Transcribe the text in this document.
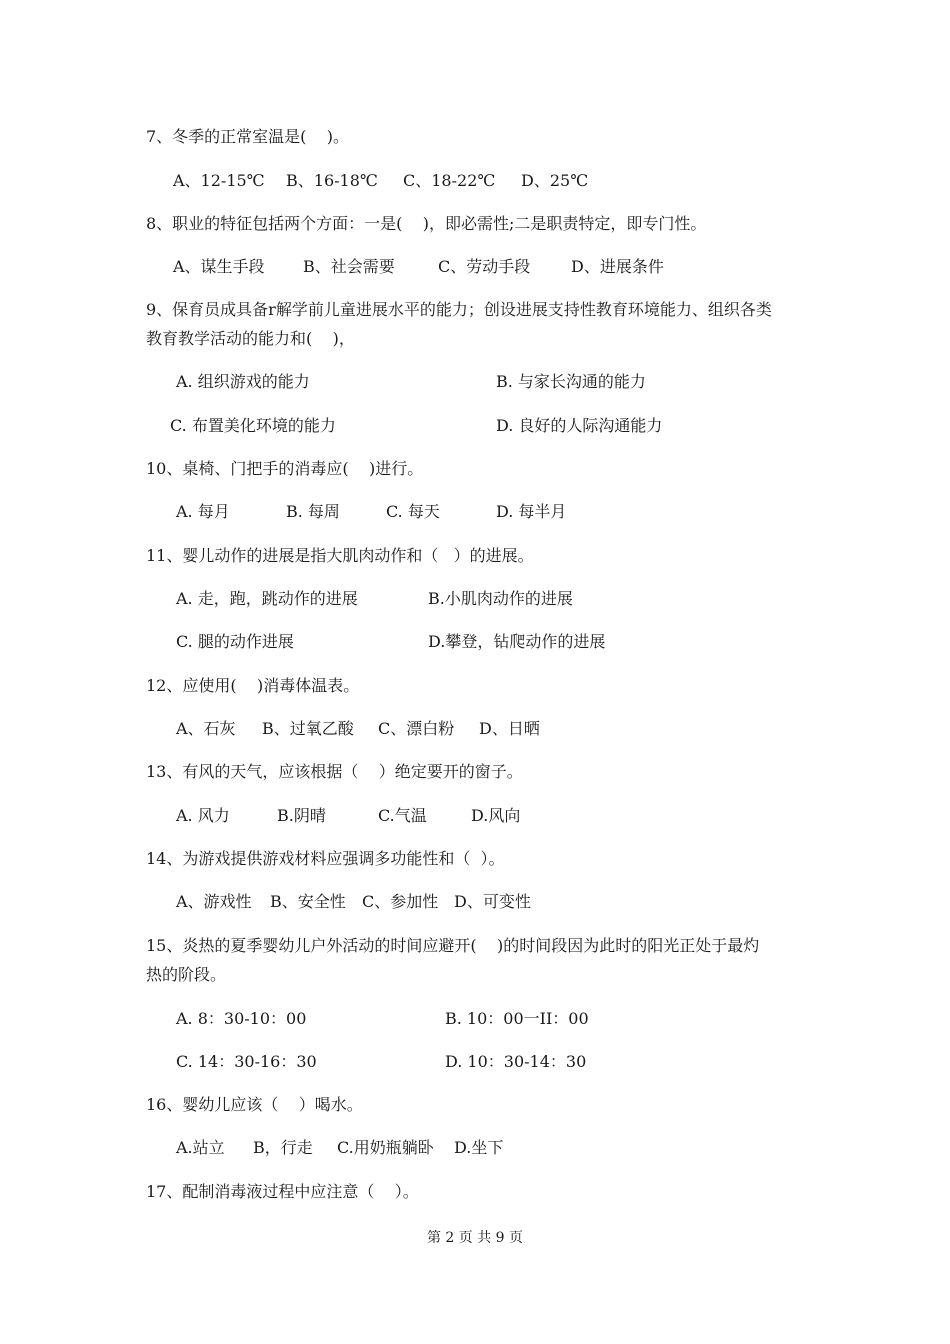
7、冬季的正常室温是(    )。
A、12-15℃ B、16-18℃ C、18-22℃ D、25℃
8、职业的特征包括两个方面：一是(    )，即必需性;二是职责特定，即专门性。
A、谋生手段 B、社会需要	C、劳动手段	D、进展条件
9、保育员成具备r解学前儿童进展水平的能力；创设进展支持性教育环境能力、组织各类
教育教学活动的能力和(    )，
A. 组织游戏的能力	B. 与家长沟通的能力
C. 布置美化环境的能力	D. 良好的人际沟通能力
10、桌椅、门把手的消毒应(    )进行。
A. 每月	B. 每周	C. 每天	D. 每半月
11、婴儿动作的进展是指大肌肉动作和（   ）的进展。
A. 走，跑，跳动作的进展	B.小肌肉动作的进展
C. 腿的动作进展	D.攀登，钻爬动作的进展
12、应使用(    )消毒体温表。
A、石灰 B、过氧乙酸 C、漂白粉 D、日晒
13、有风的天气，应该根据（    ）绝定要开的窗子。
A. 风力	B.阴晴	C.气温	D.风向
14、为游戏提供游戏材料应强调多功能性和（  ）。
A、游戏性 B、安全性 C、参加性 D、可变性
15、炎热的夏季婴幼儿户外活动的时间应避开(    )的时间段因为此时的阳光正处于最灼
热的阶段。
A. 8：30-10：00	B. 10：00一II：00
C. 14：30-16：30	D. 10：30-14：30
16、婴幼儿应该（    ）喝水。
A.站立 B，行走 C.用奶瓶躺卧 D.坐下
17、配制消毒液过程中应注意（    ）。
第 2 页 共 9 页
